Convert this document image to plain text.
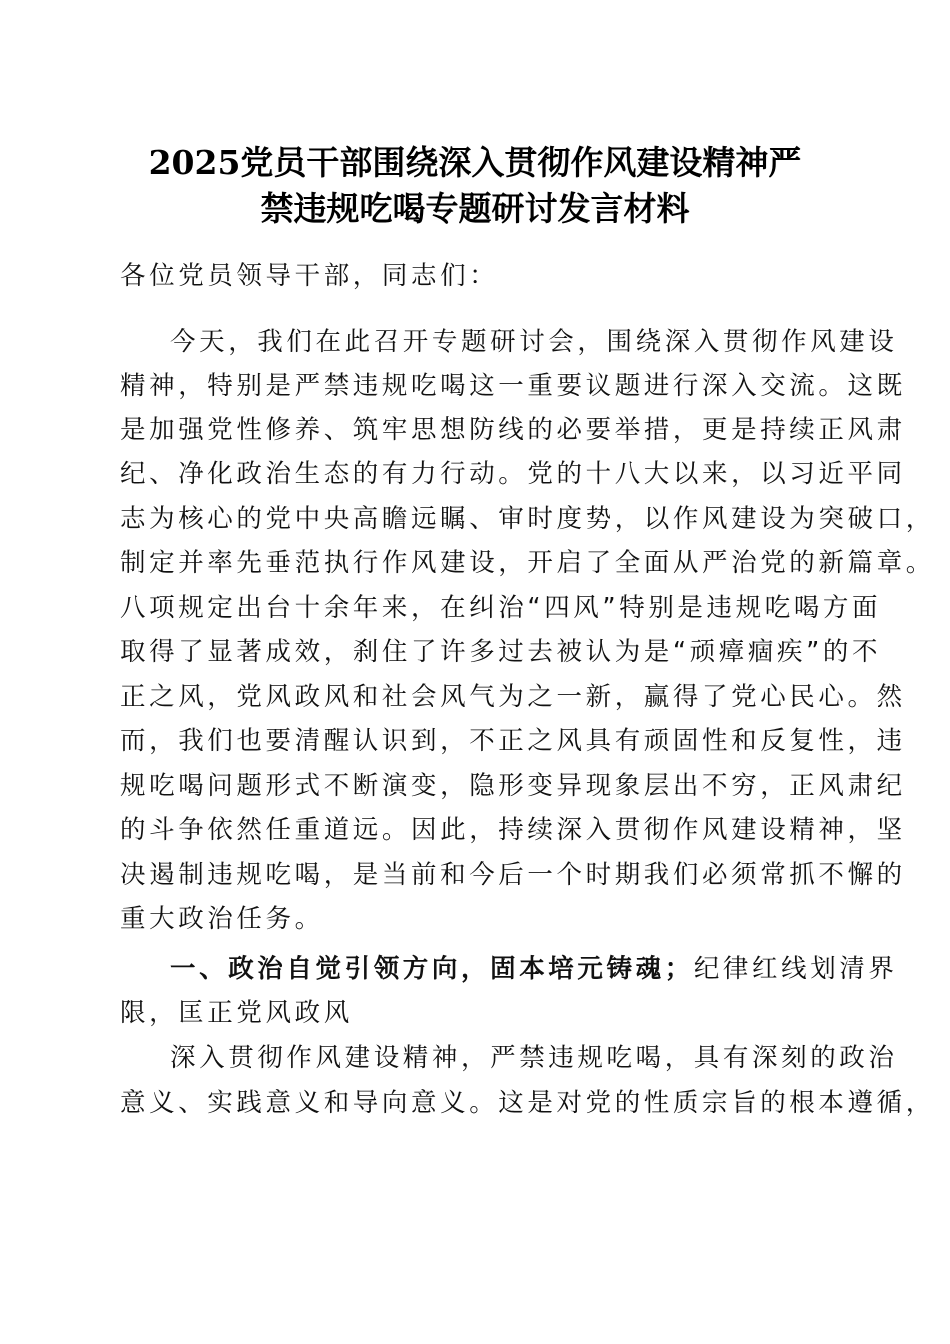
2025党员干部围绕深入贯彻作风建设精神严
禁违规吃喝专题研讨发言材料
各位党员领导干部，同志们：
今天，我们在此召开专题研讨会，围绕深入贯彻作风建设
精神，特别是严禁违规吃喝这一重要议题进行深入交流。这既
是加强党性修养、筑牢思想防线的必要举措，更是持续正风肃
纪、净化政治生态的有力行动。党的十八大以来，以习近平同
志为核心的党中央高瞻远瞩、审时度势，以作风建设为突破口，
制定并率先垂范执行作风建设，开启了全面从严治党的新篇章。
八项规定出台十余年来，在纠治“四风”特别是违规吃喝方面
取得了显著成效，刹住了许多过去被认为是“顽瘴痼疾”的不
正之风，党风政风和社会风气为之一新，赢得了党心民心。然
而，我们也要清醒认识到，不正之风具有顽固性和反复性，违
规吃喝问题形式不断演变，隐形变异现象层出不穷，正风肃纪
的斗争依然任重道远。因此，持续深入贯彻作风建设精神，坚
决遏制违规吃喝，是当前和今后一个时期我们必须常抓不懈的
重大政治任务。
一、政治自觉引领方向，固本培元铸魂；纪律红线划清界
限，匡正党风政风
深入贯彻作风建设精神，严禁违规吃喝，具有深刻的政治
意义、实践意义和导向意义。这是对党的性质宗旨的根本遵循，
